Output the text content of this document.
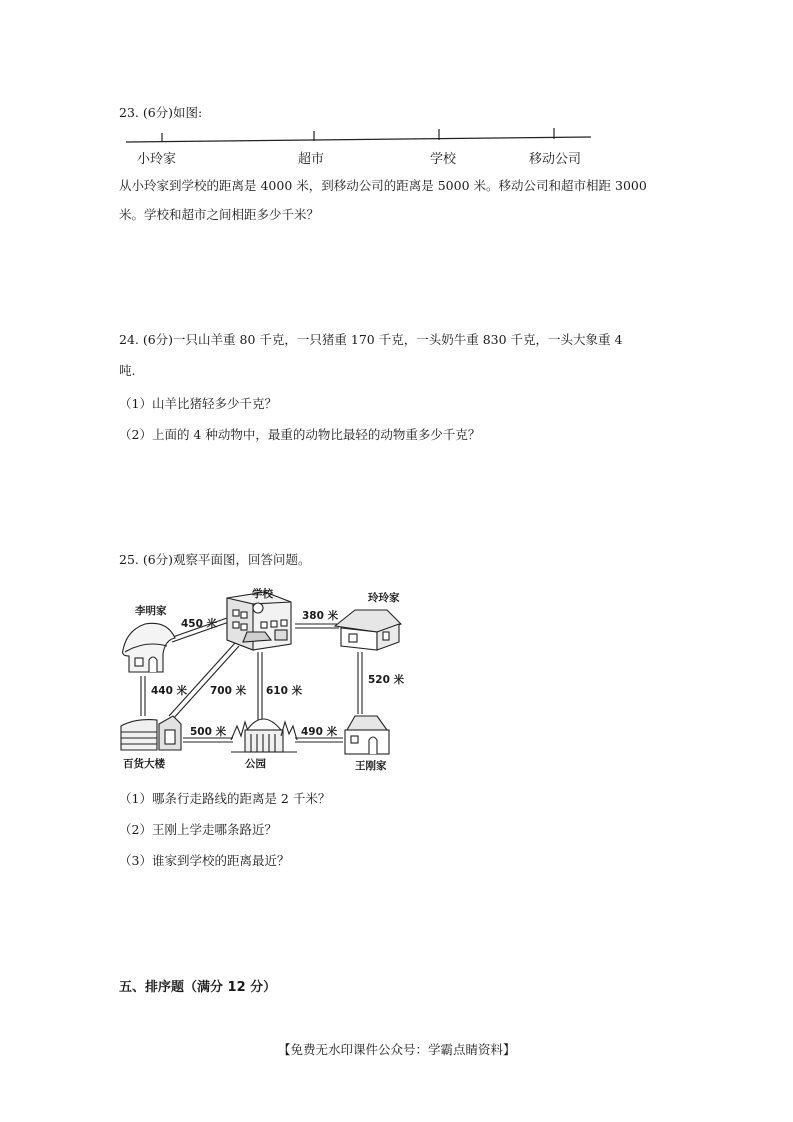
23. (6分)如图:
小玲家	超市	学校	移动公司
从小玲家到学校的距离是 4000 米，到移动公司的距离是 5000 米。移动公司和超市相距 3000
米。学校和超市之间相距多少千米？
24. (6分)一只山羊重 80 千克，一只猪重 170 千克，一头奶牛重 830 千克，一头大象重 4
吨.
（1）山羊比猪轻多少千克？
（2）上面的 4 种动物中，最重的动物比最轻的动物重多少千克？
25. (6分)观察平面图，回答问题。
李明家
学校	玲玲家
百货大楼	公园	王刚家
450 米
380 米
440 米 700 米 610 米
520 米
500 米	490 米
（1）哪条行走路线的距离是 2 千米？
（2）王刚上学走哪条路近？
（3）谁家到学校的距离最近？
五、排序题（满分 12 分）
【免费无水印课件公众号：学霸点睛资料】
